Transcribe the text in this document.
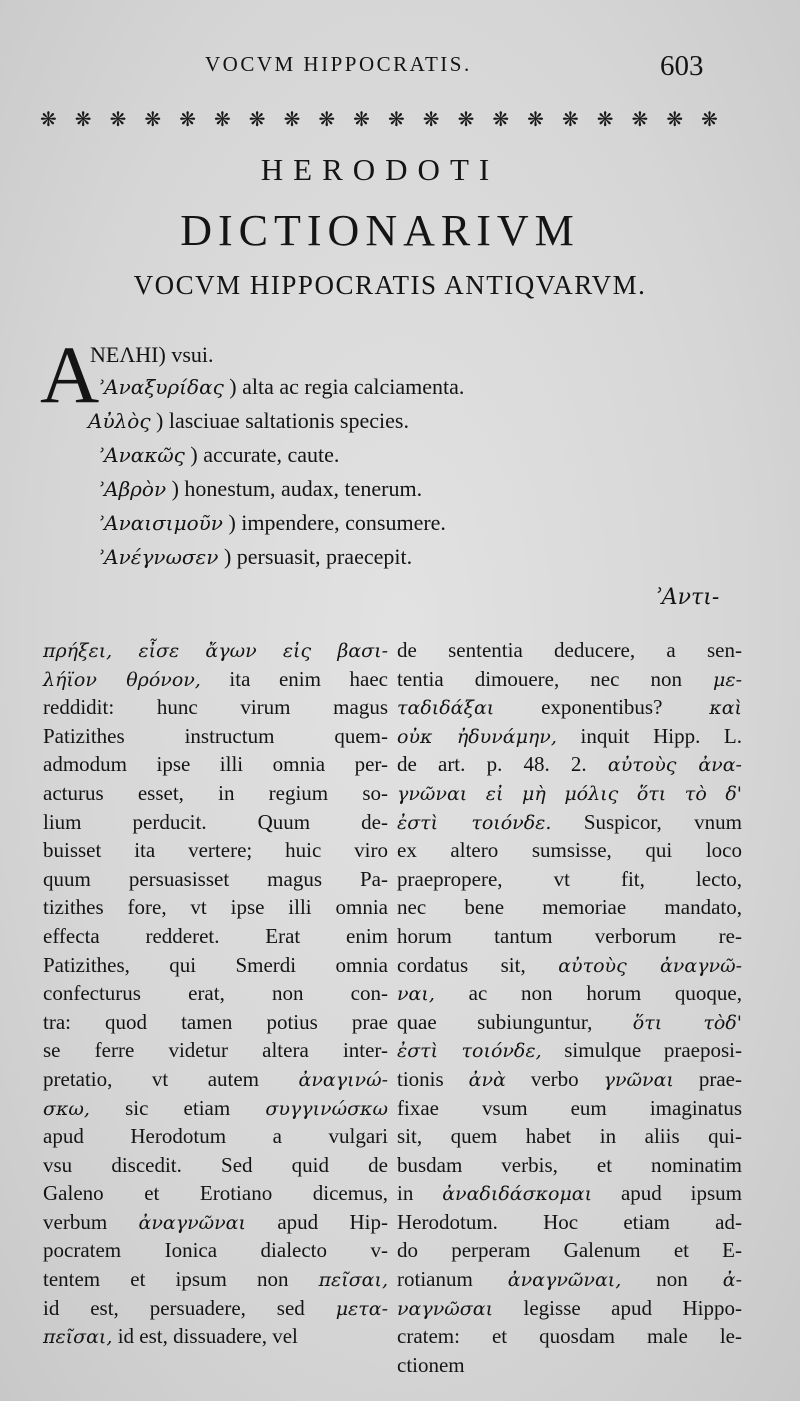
VOCVM HIPPOCRATIS.	603
❋ ❋ ❋ ❋ ❋ ❋ ❋ ❋ ❋ ❋ ❋ ❋ ❋ ❋ ❋ ❋ ❋ ❋ ❋ ❋
HERODOTI
DICTIONARIVM
VOCVM HIPPOCRATIS ANTIQVARVM.
A
ΝΕΛΗΙ) vsui.
ʾΑναξυρίδας ) alta ac regia calciamenta.
Αὐλὸς ) lasciuae saltationis species.
ʾΑνακῶς ) accurate, caute.
ʾΑβρὸν ) honestum, audax, tenerum.
ʾΑναισιμοῦν ) impendere, consumere.
ʾΑνέγνωσεν ) persuasit, praecepit.
ʾΑντι-
πρήξει, εἶσε ἄγων εἰς βασι-
λήϊον θρόνον, ita enim haec
reddidit: hunc virum magus
Patizithes instructum quem-
admodum ipse illi omnia per-
acturus esset, in regium so-
lium perducit. Quum de-
buisset ita vertere; huic viro
quum persuasisset magus Pa-
tizithes fore, vt ipse illi omnia
effecta redderet. Erat enim
Patizithes, qui Smerdi omnia
confecturus erat, non con-
tra: quod tamen potius prae
se ferre videtur altera inter-
pretatio, vt autem ἀναγινώ-
σκω, sic etiam συγγινώσκω
apud Herodotum a vulgari
vsu discedit. Sed quid de
Galeno et Erotiano dicemus,
verbum ἀναγνῶναι apud Hip-
pocratem Ionica dialecto v-
tentem et ipsum non πεῖσαι,
id est, persuadere, sed μετα-
πεῖσαι, id est, dissuadere, vel
de sententia deducere, a sen-
tentia dimouere, nec non με-
ταδιδάξαι exponentibus? καὶ
οὐκ ἠδυνάμην, inquit Hipp. L.
de art. p. 48. 2. αὐτοὺς ἀνα-
γνῶναι εἰ μὴ μόλις ὅτι τὸ δ'
ἐστὶ τοιόνδε. Suspicor, vnum
ex altero sumsisse, qui loco
praepropere, vt fit, lecto,
nec bene memoriae mandato,
horum tantum verborum re-
cordatus sit, αὐτοὺς ἀναγνῶ-
ναι, ac non horum quoque,
quae subiunguntur, ὅτι τὸδ'
ἐστὶ τοιόνδε, simulque praeposi-
tionis ἀνὰ verbo γνῶναι prae-
fixae vsum eum imaginatus
sit, quem habet in aliis qui-
busdam verbis, et nominatim
in ἀναδιδάσκομαι apud ipsum
Herodotum. Hoc etiam ad-
do perperam Galenum et E-
rotianum ἀναγνῶναι, non ἀ-
ναγνῶσαι legisse apud Hippo-
cratem: et quosdam male le-
ctionem
